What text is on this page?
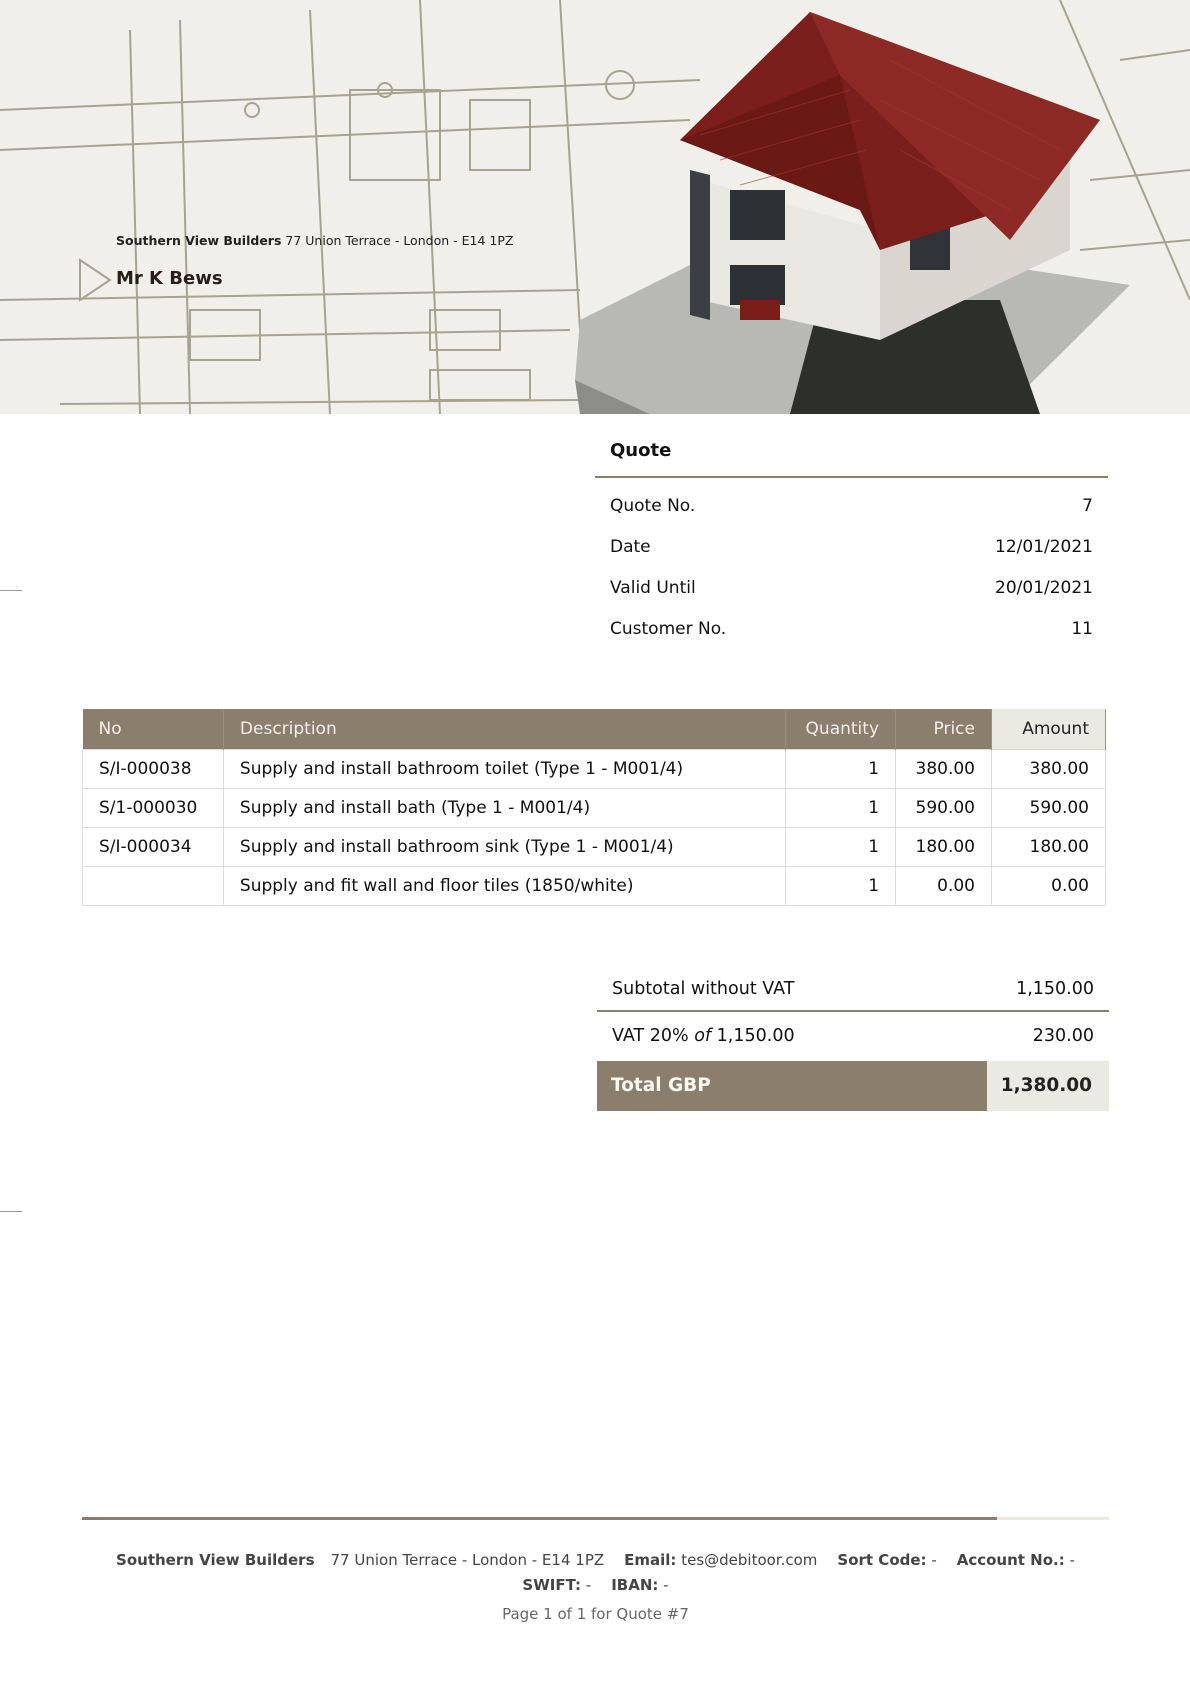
Southern View Builders 77 Union Terrace - London - E14 1PZ
Mr K Bews
Quote
Quote No.	7
Date	12/01/2021
Valid Until	20/01/2021
Customer No.	11
No	Description	Quantity	Price	Amount
S/I-000038	Supply and install bathroom toilet (Type 1 - M001/4)	1	380.00	380.00
S/1-000030	Supply and install bath (Type 1 - M001/4)	1	590.00	590.00
S/I-000034	Supply and install bathroom sink (Type 1 - M001/4)	1	180.00	180.00
	Supply and fit wall and floor tiles (1850/white)	1	0.00	0.00
Subtotal without VAT	1,150.00
VAT 20% of 1,150.00	230.00
Total GBP	1,380.00
Southern View Builders 77 Union Terrace - London - E14 1PZ Email: tes@debitoor.com Sort Code: - Account No.: -
SWIFT: - IBAN: -
Page 1 of 1 for Quote #7
